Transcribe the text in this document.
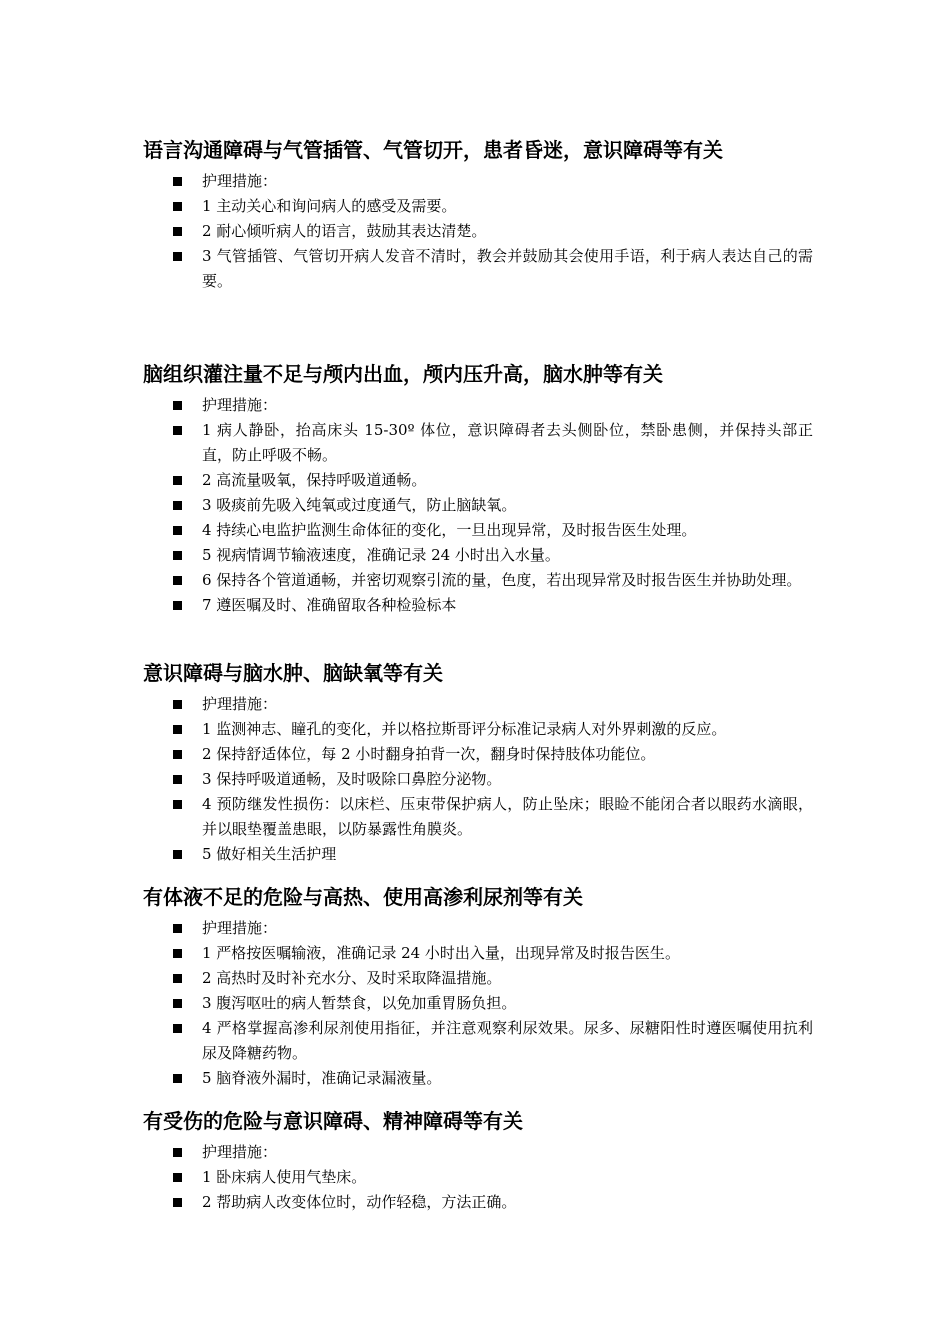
语言沟通障碍与气管插管、气管切开，患者昏迷，意识障碍等有关
护理措施：
1 主动关心和询问病人的感受及需要。
2 耐心倾听病人的语言，鼓励其表达清楚。
3 气管插管、气管切开病人发音不清时，教会并鼓励其会使用手语，利于病人表达自己的需要。
脑组织灌注量不足与颅内出血，颅内压升高，脑水肿等有关
护理措施：
1 病人静卧，抬高床头 15-30º 体位，意识障碍者去头侧卧位，禁卧患侧，并保持头部正直，防止呼吸不畅。
2 高流量吸氧，保持呼吸道通畅。
3 吸痰前先吸入纯氧或过度通气，防止脑缺氧。
4 持续心电监护监测生命体征的变化，一旦出现异常，及时报告医生处理。
5 视病情调节输液速度，准确记录 24 小时出入水量。
6 保持各个管道通畅，并密切观察引流的量，色度，若出现异常及时报告医生并协助处理。
7 遵医嘱及时、准确留取各种检验标本
意识障碍与脑水肿、脑缺氧等有关
护理措施：
1 监测神志、瞳孔的变化，并以格拉斯哥评分标准记录病人对外界刺激的反应。
2 保持舒适体位，每 2 小时翻身拍背一次，翻身时保持肢体功能位。
3 保持呼吸道通畅，及时吸除口鼻腔分泌物。
4 预防继发性损伤：以床栏、压束带保护病人，防止坠床；眼睑不能闭合者以眼药水滴眼，并以眼垫覆盖患眼，以防暴露性角膜炎。
5 做好相关生活护理
有体液不足的危险与高热、使用高渗利尿剂等有关
护理措施：
1 严格按医嘱输液，准确记录 24 小时出入量，出现异常及时报告医生。
2 高热时及时补充水分、及时采取降温措施。
3 腹泻呕吐的病人暂禁食，以免加重胃肠负担。
4 严格掌握高渗利尿剂使用指征，并注意观察利尿效果。尿多、尿糖阳性时遵医嘱使用抗利尿及降糖药物。
5 脑脊液外漏时，准确记录漏液量。
有受伤的危险与意识障碍、精神障碍等有关
护理措施：
1 卧床病人使用气垫床。
2 帮助病人改变体位时，动作轻稳，方法正确。
